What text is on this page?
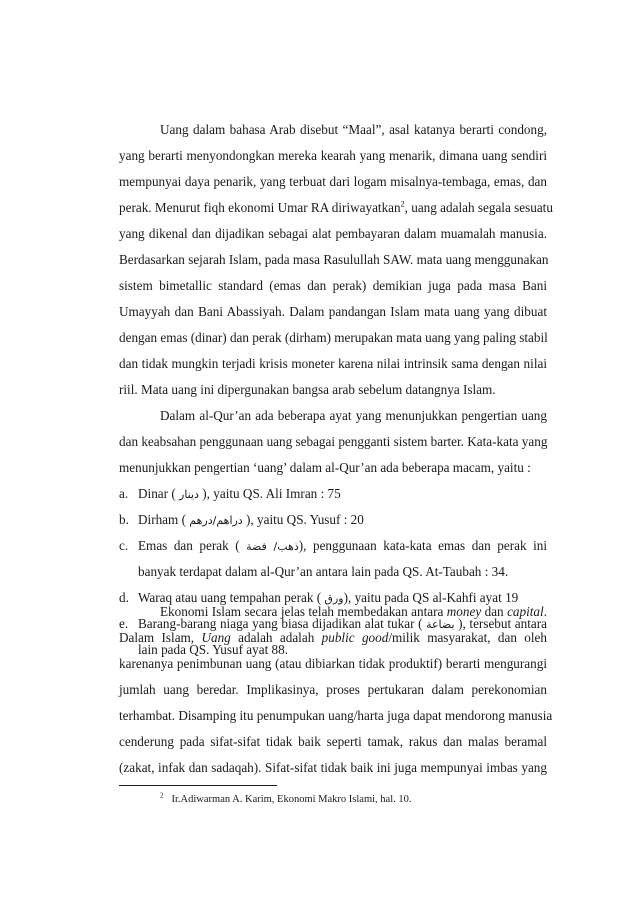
Uang dalam bahasa Arab disebut “Maal”, asal katanya berarti condong,
yang berarti menyondongkan mereka kearah yang menarik, dimana uang sendiri
mempunyai daya penarik, yang terbuat dari logam misalnya-tembaga, emas, dan
perak. Menurut fiqh ekonomi Umar RA diriwayatkan$^2$, uang adalah segala sesuatu
yang dikenal dan dijadikan sebagai alat pembayaran dalam muamalah manusia.
Berdasarkan sejarah Islam, pada masa Rasulullah SAW. mata uang menggunakan
sistem bimetallic standard (emas dan perak) demikian juga pada masa Bani
Umayyah dan Bani Abassiyah. Dalam pandangan Islam mata uang yang dibuat
dengan emas (dinar) dan perak (dirham) merupakan mata uang yang paling stabil
dan tidak mungkin terjadi krisis moneter karena nilai intrinsik sama dengan nilai
riil. Mata uang ini dipergunakan bangsa arab sebelum datangnya Islam.
Dalam al-Qur’an ada beberapa ayat yang menunjukkan pengertian uang
dan keabsahan penggunaan uang sebagai pengganti sistem barter. Kata-kata yang
menunjukkan pengertian ‘uang’ dalam al-Qur’an ada beberapa macam, yaitu :
a. Dinar ( دينار ), yaitu QS. Ali Imran : 75
b. Dirham ( دراهم/درهم ), yaitu QS. Yusuf : 20
c. Emas dan perak ( ذهب/ فضة), penggunaan kata-kata emas dan perak ini
banyak terdapat dalam al-Qur’an antara lain pada QS. At-Taubah : 34.
d. Waraq atau uang tempahan perak ( ورق), yaitu pada QS al-Kahfi ayat 19
e. Barang-barang niaga yang biasa dijadikan alat tukar ( بضاعة ), tersebut antara
lain pada QS. Yusuf ayat 88.
Ekonomi Islam secara jelas telah membedakan antara money dan capital.
Dalam Islam, Uang adalah adalah public good/milik masyarakat, dan oleh
karenanya penimbunan uang (atau dibiarkan tidak produktif) berarti mengurangi
jumlah uang beredar. Implikasinya, proses pertukaran dalam perekonomian
terhambat. Disamping itu penumpukan uang/harta juga dapat mendorong manusia
cenderung pada sifat-sifat tidak baik seperti tamak, rakus dan malas beramal
(zakat, infak dan sadaqah). Sifat-sifat tidak baik ini juga mempunyai imbas yang
$^2$ Ir.Adiwarman A. Karim, Ekonomi Makro Islami, hal. 10.
